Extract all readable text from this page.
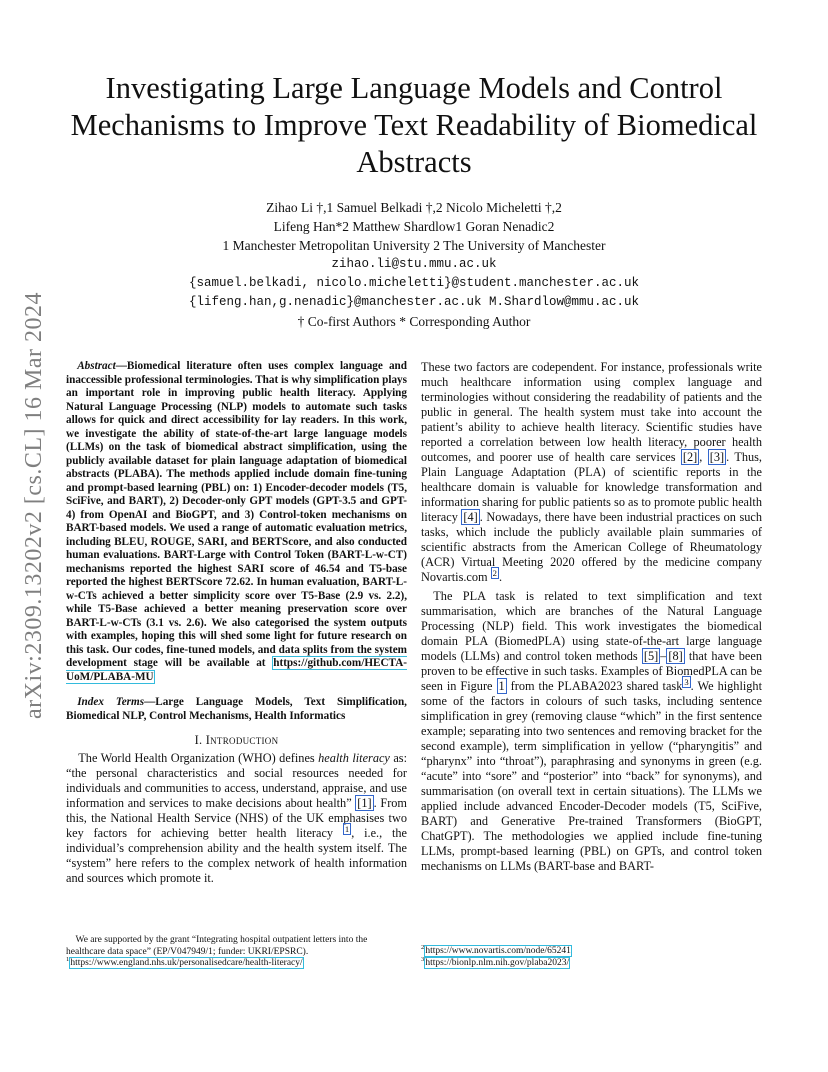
arXiv:2309.13202v2 [cs.CL] 16 Mar 2024
Investigating Large Language Models and Control Mechanisms to Improve Text Readability of Biomedical Abstracts
Zihao Li †,1 Samuel Belkadi †,2 Nicolo Micheletti †,2
Lifeng Han*2 Matthew Shardlow1 Goran Nenadic2
1 Manchester Metropolitan University 2 The University of Manchester
zihao.li@stu.mmu.ac.uk
{samuel.belkadi, nicolo.micheletti}@student.manchester.ac.uk
{lifeng.han,g.nenadic}@manchester.ac.uk M.Shardlow@mmu.ac.uk
† Co-first Authors * Corresponding Author

Abstract—Biomedical literature often uses complex language and inaccessible professional terminologies. That is why simplification plays an important role in improving public health literacy. Applying Natural Language Processing (NLP) models to automate such tasks allows for quick and direct accessibility for lay readers. In this work, we investigate the ability of state-of-the-art large language models (LLMs) on the task of biomedical abstract simplification, using the publicly available dataset for plain language adaptation of biomedical abstracts (PLABA). The methods applied include domain fine-tuning and prompt-based learning (PBL) on: 1) Encoder-decoder models (T5, SciFive, and BART), 2) Decoder-only GPT models (GPT-3.5 and GPT-4) from OpenAI and BioGPT, and 3) Control-token mechanisms on BART-based models. We used a range of automatic evaluation metrics, including BLEU, ROUGE, SARI, and BERTScore, and also conducted human evaluations. BART-Large with Control Token (BART-L-w-CT) mechanisms reported the highest SARI score of 46.54 and T5-base reported the highest BERTScore 72.62. In human evaluation, BART-L-w-CTs achieved a better simplicity score over T5-Base (2.9 vs. 2.2), while T5-Base achieved a better meaning preservation score over BART-L-w-CTs (3.1 vs. 2.6). We also categorised the system outputs with examples, hoping this will shed some light for future research on this task. Our codes, fine-tuned models, and data splits from the system development stage will be available at https://github.com/HECTA-UoM/PLABA-MU

Index Terms—Large Language Models, Text Simplification, Biomedical NLP, Control Mechanisms, Health Informatics

I. Introduction

The World Health Organization (WHO) defines health literacy as: “the personal characteristics and social resources needed for individuals and communities to access, understand, appraise, and use information and services to make decisions about health” [1] . From this, the National Health Service (NHS) of the UK emphasises two key factors for achieving better health literacy $^1$ , i.e., the individual’s comprehension ability and the health system itself. The “system” here refers to the complex network of health information and sources which promote it.

These two factors are codependent. For instance, professionals write much healthcare information using complex language and terminologies without considering the readability of patients and the public in general. The health system must take into account the patient’s ability to achieve health literacy. Scientific studies have reported a correlation between low health literacy, poorer health outcomes, and poorer use of health care services [2] , [3] . Thus, Plain Language Adaptation (PLA) of scientific reports in the healthcare domain is valuable for knowledge transformation and information sharing for public patients so as to promote public health literacy [4] . Nowadays, there have been industrial practices on such tasks, which include the publicly available plain summaries of scientific abstracts from the American College of Rheumatology (ACR) Virtual Meeting 2020 offered by the medicine company Novartis.com $^2$ .

The PLA task is related to text simplification and text summarisation, which are branches of the Natural Language Processing (NLP) field. This work investigates the biomedical domain PLA (BiomedPLA) using state-of-the-art large language models (LLMs) and control token methods [5] – [8] that have been proven to be effective in such tasks. Examples of BiomedPLA can be seen in Figure 1 from the PLABA2023 shared task $^3$ . We highlight some of the factors in colours of such tasks, including sentence simplification in grey (removing clause “which” in the first sentence example; separating into two sentences and removing bracket for the second example), term simplification in yellow (“pharyngitis” and “pharynx” into “throat”), paraphrasing and synonyms in green (e.g. “acute” into “sore” and “posterior” into “back” for synonyms), and summarisation (on overall text in certain situations). The LLMs we applied include advanced Encoder-Decoder models (T5, SciFive, BART) and Generative Pre-trained Transformers (BioGPT, ChatGPT). The methodologies we applied include fine-tuning LLMs, prompt-based learning (PBL) on GPTs, and control token mechanisms on LLMs (BART-base and BART-

We are supported by the grant “Integrating hospital outpatient letters into the healthcare data space” (EP/V047949/1; funder: UKRI/EPSRC).
$^1$https://www.england.nhs.uk/personalisedcare/health-literacy/
$^2$https://www.novartis.com/node/65241
$^3$https://bionlp.nlm.nih.gov/plaba2023/
